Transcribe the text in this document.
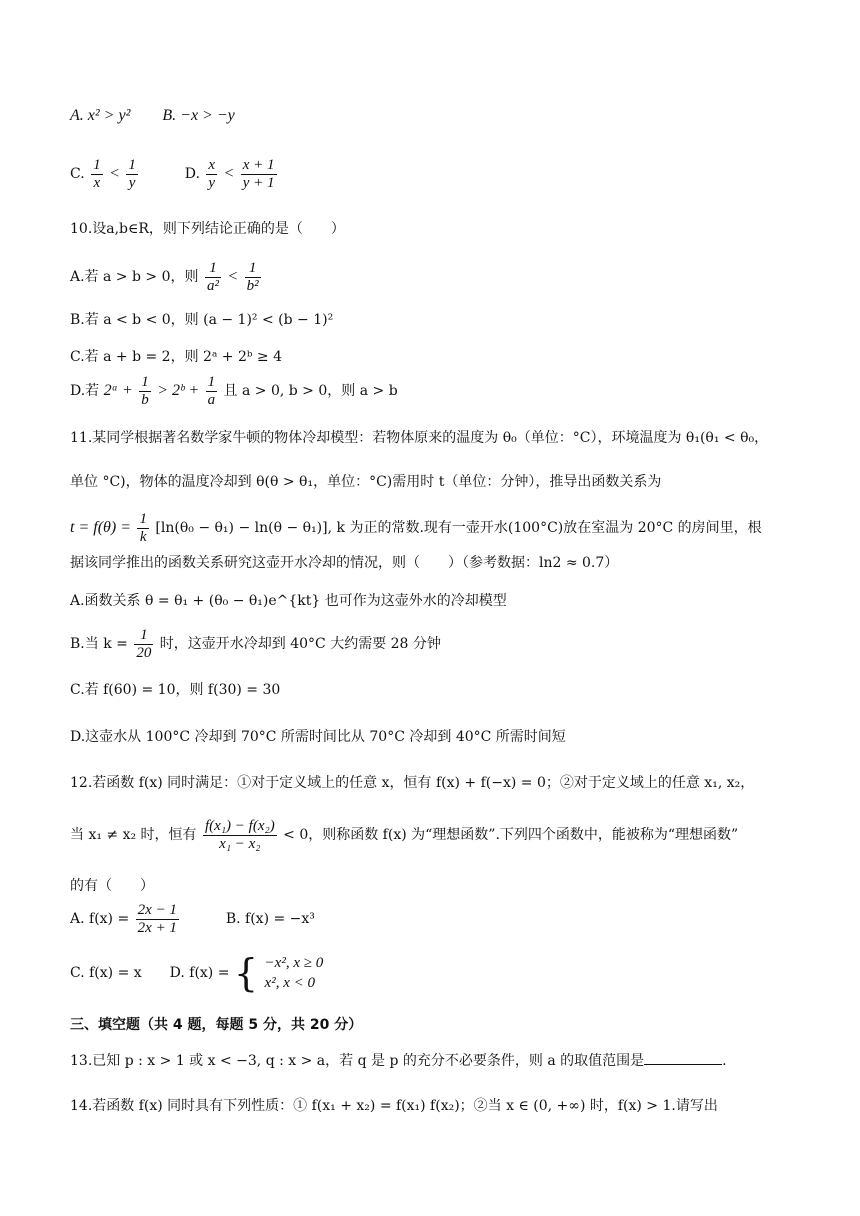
A. x² > y²　　B. −x > −y
C. $\frac{1}{x} < \frac{1}{y}$	D. $\frac{x}{y} < \frac{x + 1}{y + 1}$
10.设a,b∈R，则下列结论正确的是（　　）
A.若 a > b > 0，则 $\frac{1}{\text{a²}} < \frac{1}{\text{b²}}$
B.若 a < b < 0，则 (a − 1)² < (b − 1)²
C.若 a + b = 2，则 2ᵃ + 2ᵇ ≥ 4
D.若 2ᵃ + $\frac{1}{b}$ > 2ᵇ + $\frac{1}{a}$ 且 a > 0, b > 0，则 a > b
11.某同学根据著名数学家牛顿的物体冷却模型：若物体原来的温度为 θ₀（单位：°C），环境温度为 θ₁(θ₁ < θ₀，
单位 °C)，物体的温度冷却到 θ(θ > θ₁，单位：°C)需用时 t（单位：分钟），推导出函数关系为
$t = f(\theta) = \frac{1}{k} [\ln(\theta_0 - \theta_1) - \ln(\theta - \theta_1)]$, k 为正的常数.现有一壶开水(100°C)放在室温为 20°C 的房间里，根
据该同学推出的函数关系研究这壶开水冷却的情况，则（　　）（参考数据：ln2 ≈ 0.7）
A.函数关系 θ = θ₁ + (θ₀ − θ₁)e^{kt} 也可作为这壶外水的冷却模型
B.当 $k = \frac{1}{20}$ 时，这壶开水冷却到 40°C 大约需要 28 分钟
C.若 f(60) = 10，则 f(30) = 30
D.这壶水从 100°C 冷却到 70°C 所需时间比从 70°C 冷却到 40°C 所需时间短
12.若函数 f(x) 同时满足：①对于定义域上的任意 x，恒有 f(x) + f(−x) = 0；②对于定义域上的任意 x₁, x₂，
当 x₁ ≠ x₂ 时，恒有 $\frac{\text{f(x₁) − f(x₂)}}{\text{x₁ − x₂}} < 0$，则称函数 f(x) 为“理想函数”.下列四个函数中，能被称为“理想函数”
的有（　　）
A. $f(x) = \frac{2x - 1}{2x + 1}$	B. f(x) = −x³
C. f(x) = x　　D. f(x) = { −x², x ≥ 0
x², x < 0
三、填空题（共 4 题，每题 5 分，共 20 分）
13.已知 p : x > 1 或 x < −3, q : x > a，若 q 是 p 的充分不必要条件，则 a 的取值范围是	.
14.若函数 f(x) 同时具有下列性质：① f(x₁ + x₂) = f(x₁) f(x₂)；②当 x ∈ (0, +∞) 时，f(x) > 1.请写出
